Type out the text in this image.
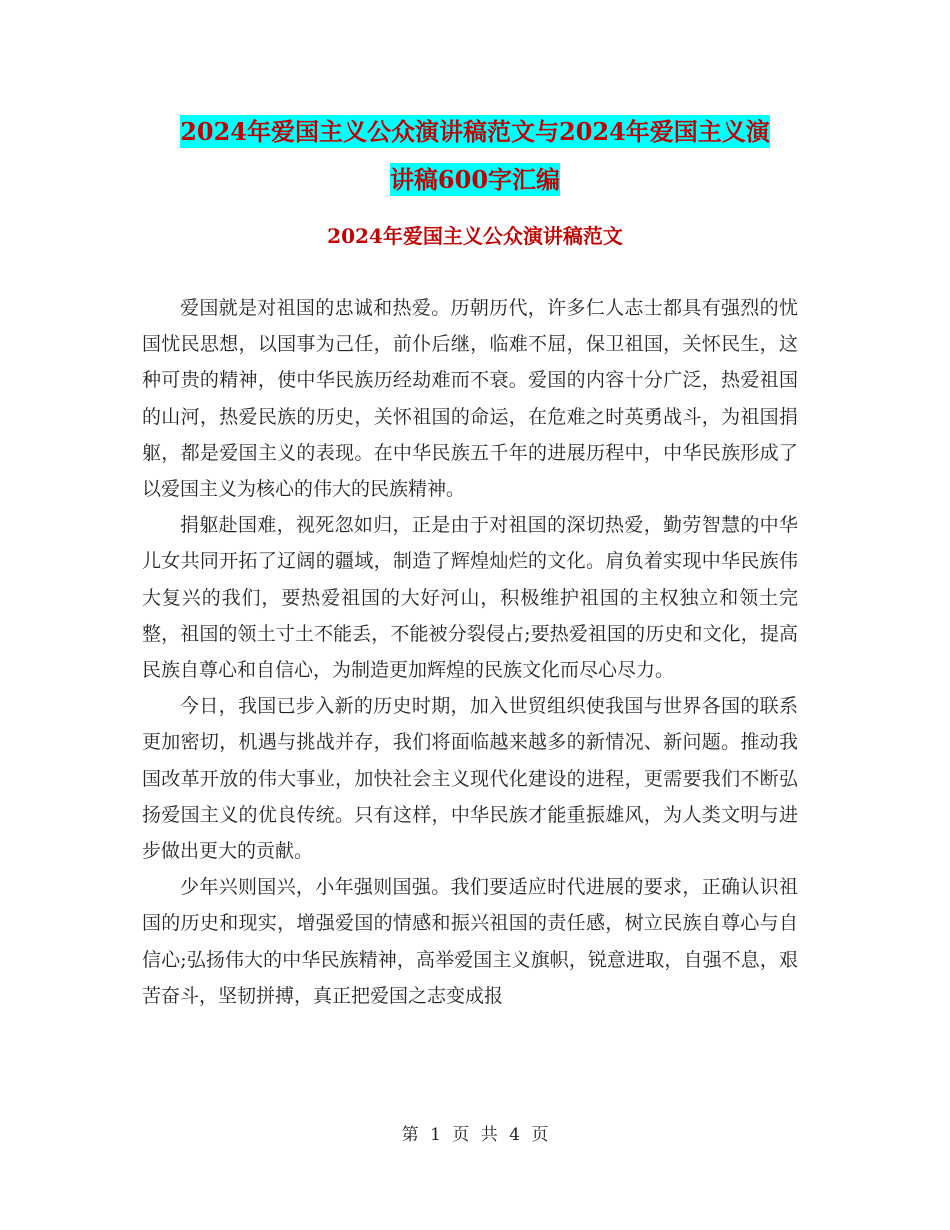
2024年爱国主义公众演讲稿范文与2024年爱国主义演
讲稿600字汇编
2024年爱国主义公众演讲稿范文

爱国就是对祖国的忠诚和热爱。历朝历代，许多仁人志士都具有强烈的忧国忧民思想，以国事为己任，前仆后继，临难不屈，保卫祖国，关怀民生，这种可贵的精神，使中华民族历经劫难而不衰。爱国的内容十分广泛，热爱祖国的山河，热爱民族的历史，关怀祖国的命运，在危难之时英勇战斗，为祖国捐躯，都是爱国主义的表现。在中华民族五千年的进展历程中，中华民族形成了以爱国主义为核心的伟大的民族精神。

捐躯赴国难，视死忽如归，正是由于对祖国的深切热爱，勤劳智慧的中华儿女共同开拓了辽阔的疆域，制造了辉煌灿烂的文化。肩负着实现中华民族伟大复兴的我们，要热爱祖国的大好河山，积极维护祖国的主权独立和领土完整，祖国的领土寸土不能丢，不能被分裂侵占;要热爱祖国的历史和文化，提高民族自尊心和自信心，为制造更加辉煌的民族文化而尽心尽力。

今日，我国已步入新的历史时期，加入世贸组织使我国与世界各国的联系更加密切，机遇与挑战并存，我们将面临越来越多的新情况、新问题。推动我国改革开放的伟大事业，加快社会主义现代化建设的进程，更需要我们不断弘扬爱国主义的优良传统。只有这样，中华民族才能重振雄风，为人类文明与进步做出更大的贡献。

少年兴则国兴，小年强则国强。我们要适应时代进展的要求，正确认识祖国的历史和现实，增强爱国的情感和振兴祖国的责任感，树立民族自尊心与自信心;弘扬伟大的中华民族精神，高举爱国主义旗帜，锐意进取，自强不息，艰苦奋斗，坚韧拼搏，真正把爱国之志变成报

第 1 页 共 4 页
